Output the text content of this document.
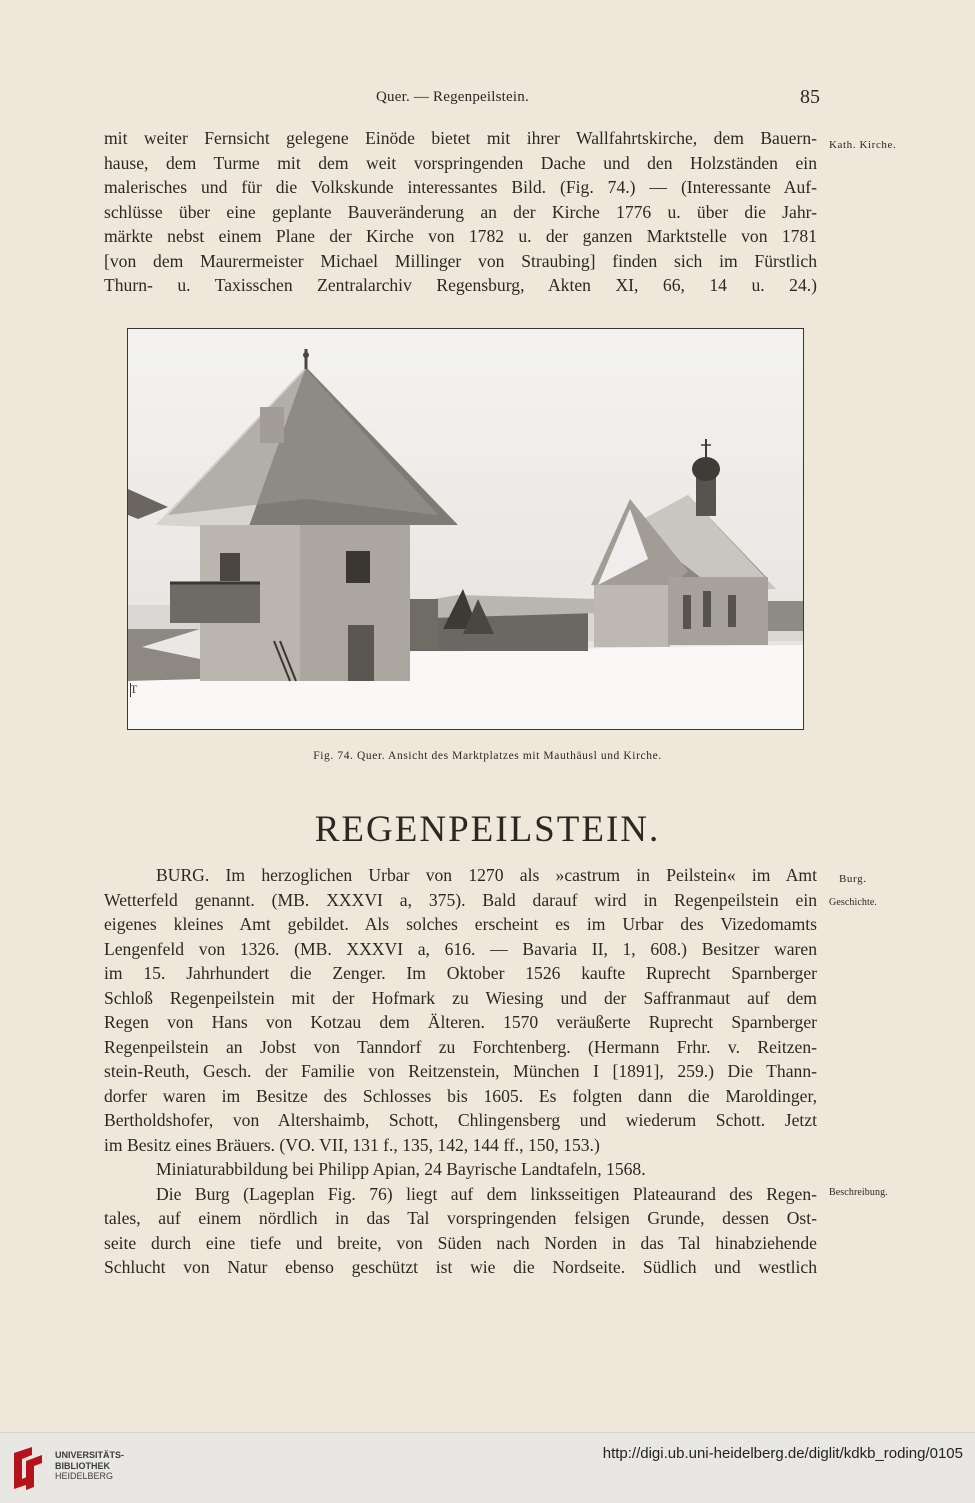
Quer. — Regenpeilstein.	85
mit weiter Fernsicht gelegene Einöde bietet mit ihrer Wallfahrtskirche, dem Bauern-
hause, dem Turme mit dem weit vorspringenden Dache und den Holzständen ein
malerisches und für die Volkskunde interessantes Bild. (Fig. 74.) — (Interessante Auf-
schlüsse über eine geplante Bauveränderung an der Kirche 1776 u. über die Jahr-
märkte nebst einem Plane der Kirche von 1782 u. der ganzen Marktstelle von 1781
[von dem Maurermeister Michael Millinger von Straubing] finden sich im Fürstlich
Thurn- u. Taxisschen Zentralarchiv Regensburg, Akten XI, 66, 14 u. 24.)
Kath. Kirche.
T
Fig. 74. Quer. Ansicht des Marktplatzes mit Mauthäusl und Kirche.
REGENPEILSTEIN.
BURG. Im herzoglichen Urbar von 1270 als »castrum in Peilstein« im Amt
Wetterfeld genannt. (MB. XXXVI a, 375). Bald darauf wird in Regenpeilstein ein
eigenes kleines Amt gebildet. Als solches erscheint es im Urbar des Vizedomamts
Lengenfeld von 1326. (MB. XXXVI a, 616. — Bavaria II, 1, 608.) Besitzer waren
im 15. Jahrhundert die Zenger. Im Oktober 1526 kaufte Ruprecht Sparnberger
Schloß Regenpeilstein mit der Hofmark zu Wiesing und der Saffranmaut auf dem
Regen von Hans von Kotzau dem Älteren. 1570 veräußerte Ruprecht Sparnberger
Regenpeilstein an Jobst von Tanndorf zu Forchtenberg. (Hermann Frhr. v. Reitzen-
stein-Reuth, Gesch. der Familie von Reitzenstein, München I [1891], 259.) Die Thann-
dorfer waren im Besitze des Schlosses bis 1605. Es folgten dann die Maroldinger,
Bertholdshofer, von Altershaimb, Schott, Chlingensberg und wiederum Schott. Jetzt
im Besitz eines Bräuers. (VO. VII, 131 f., 135, 142, 144 ff., 150, 153.)
Miniaturabbildung bei Philipp Apian, 24 Bayrische Landtafeln, 1568.
Die Burg (Lageplan Fig. 76) liegt auf dem linksseitigen Plateaurand des Regen-
tales, auf einem nördlich in das Tal vorspringenden felsigen Grunde, dessen Ost-
seite durch eine tiefe und breite, von Süden nach Norden in das Tal hinabziehende
Schlucht von Natur ebenso geschützt ist wie die Nordseite. Südlich und westlich
Burg.
Geschichte.
Beschreibung.
UNIVERSITÄTS-
BIBLIOTHEK
HEIDELBERG
http://digi.ub.uni-heidelberg.de/diglit/kdkb_roding/0105
